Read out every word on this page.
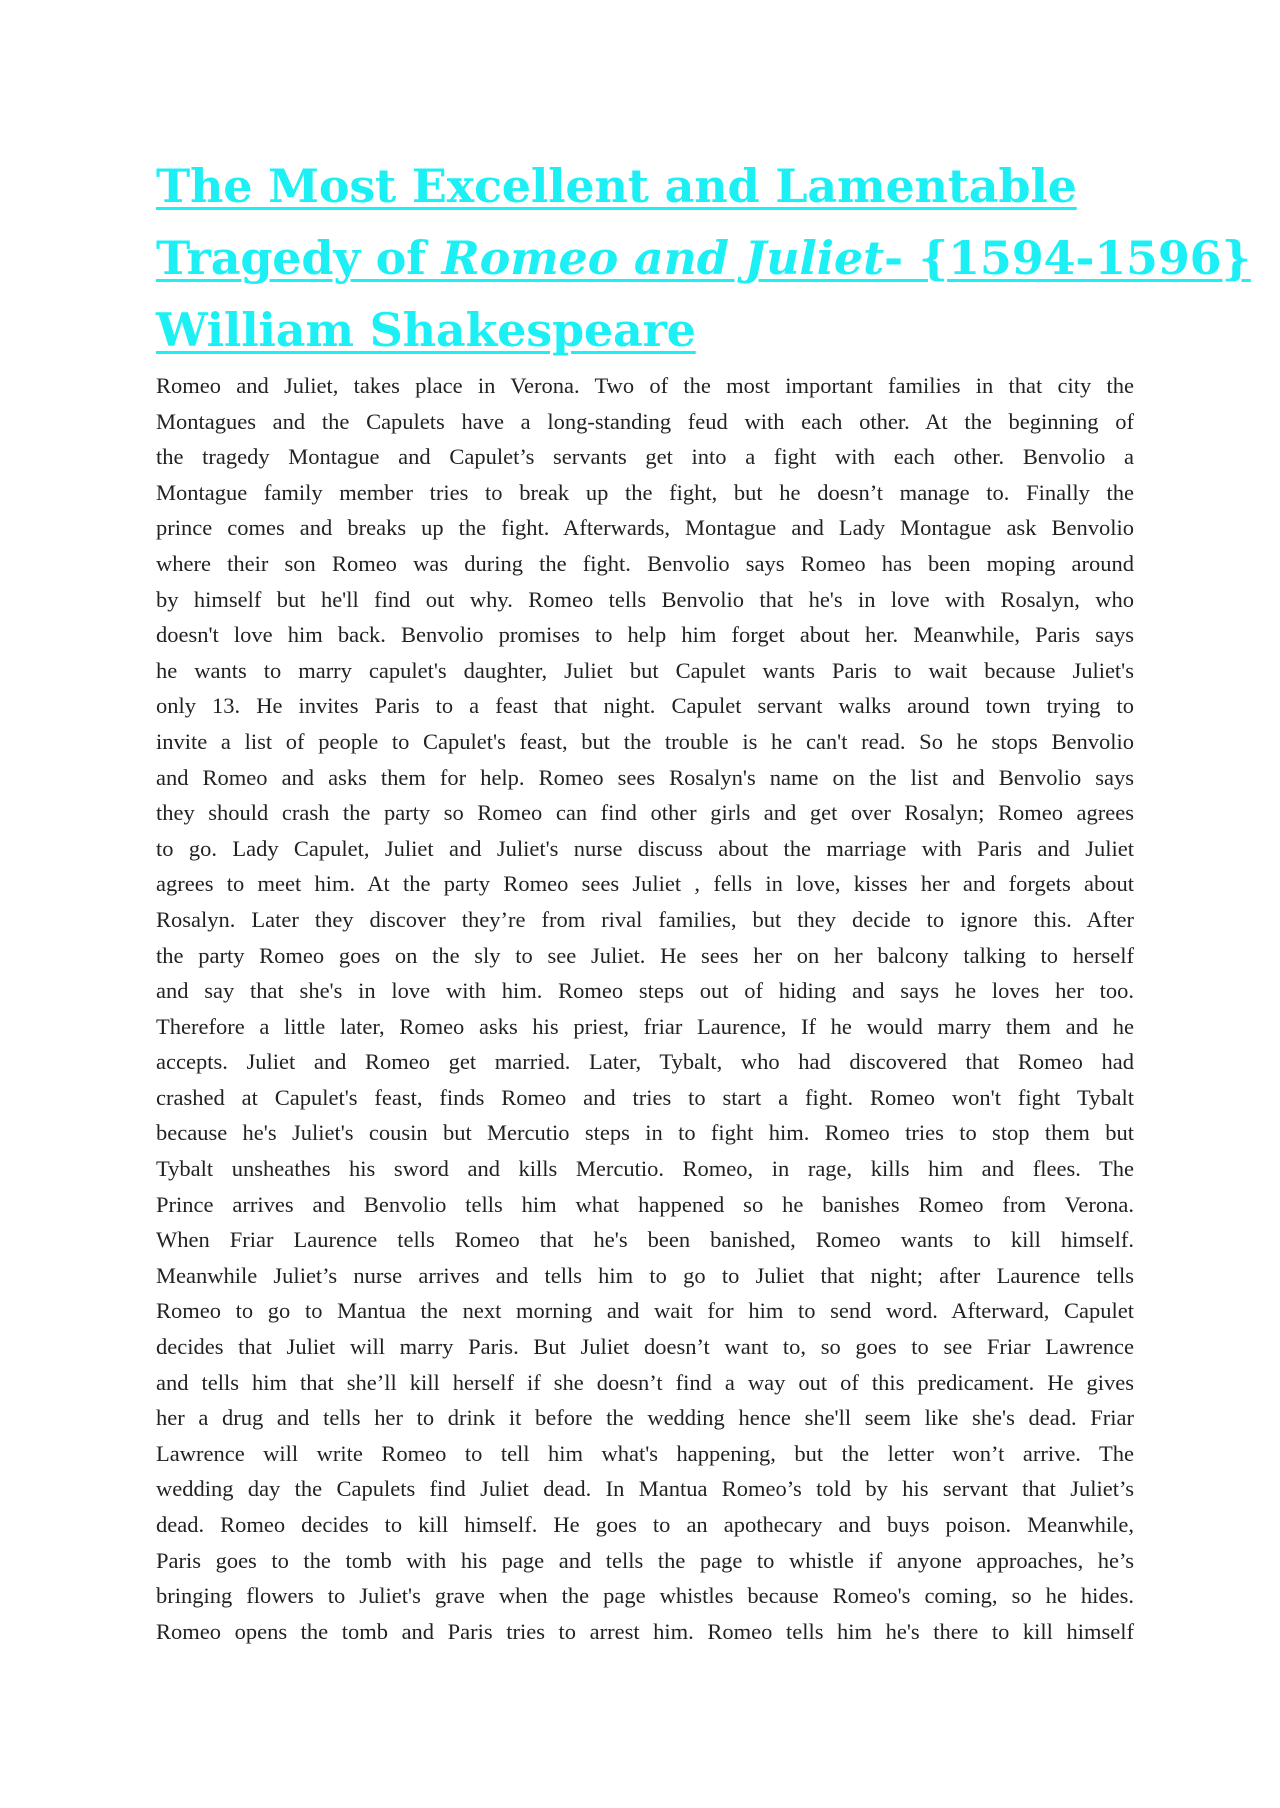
The Most Excellent and Lamentable
Tragedy of Romeo and Juliet- {1594-1596}
William Shakespeare
Romeo and Juliet, takes place in Verona. Two of the most important families in that city the
Montagues and the Capulets have a long-standing feud with each other. At the beginning of
the tragedy Montague and Capulet’s servants get into a fight with each other. Benvolio a
Montague family member tries to break up the fight, but he doesn’t manage to. Finally the
prince comes and breaks up the fight. Afterwards, Montague and Lady Montague ask Benvolio
where their son Romeo was during the fight. Benvolio says Romeo has been moping around
by himself but he'll find out why. Romeo tells Benvolio that he's in love with Rosalyn, who
doesn't love him back. Benvolio promises to help him forget about her. Meanwhile, Paris says
he wants to marry capulet's daughter, Juliet but Capulet wants Paris to wait because Juliet's
only 13. He invites Paris to a feast that night. Capulet servant walks around town trying to
invite a list of people to Capulet's feast, but the trouble is he can't read. So he stops Benvolio
and Romeo and asks them for help. Romeo sees Rosalyn's name on the list and Benvolio says
they should crash the party so Romeo can find other girls and get over Rosalyn; Romeo agrees
to go. Lady Capulet, Juliet and Juliet's nurse discuss about the marriage with Paris and Juliet
agrees to meet him. At the party Romeo sees Juliet , fells in love, kisses her and forgets about
Rosalyn. Later they discover they’re from rival families, but they decide to ignore this. After
the party Romeo goes on the sly to see Juliet. He sees her on her balcony talking to herself
and say that she's in love with him. Romeo steps out of hiding and says he loves her too.
Therefore a little later, Romeo asks his priest, friar Laurence, If he would marry them and he
accepts. Juliet and Romeo get married. Later, Tybalt, who had discovered that Romeo had
crashed at Capulet's feast, finds Romeo and tries to start a fight. Romeo won't fight Tybalt
because he's Juliet's cousin but Mercutio steps in to fight him. Romeo tries to stop them but
Tybalt unsheathes his sword and kills Mercutio. Romeo, in rage, kills him and flees. The
Prince arrives and Benvolio tells him what happened so he banishes Romeo from Verona.
When Friar Laurence tells Romeo that he's been banished, Romeo wants to kill himself.
Meanwhile Juliet’s nurse arrives and tells him to go to Juliet that night; after Laurence tells
Romeo to go to Mantua the next morning and wait for him to send word. Afterward, Capulet
decides that Juliet will marry Paris. But Juliet doesn’t want to, so goes to see Friar Lawrence
and tells him that she’ll kill herself if she doesn’t find a way out of this predicament. He gives
her a drug and tells her to drink it before the wedding hence she'll seem like she's dead. Friar
Lawrence will write Romeo to tell him what's happening, but the letter won’t arrive. The
wedding day the Capulets find Juliet dead. In Mantua Romeo’s told by his servant that Juliet’s
dead. Romeo decides to kill himself. He goes to an apothecary and buys poison. Meanwhile,
Paris goes to the tomb with his page and tells the page to whistle if anyone approaches, he’s
bringing flowers to Juliet's grave when the page whistles because Romeo's coming, so he hides.
Romeo opens the tomb and Paris tries to arrest him. Romeo tells him he's there to kill himself
